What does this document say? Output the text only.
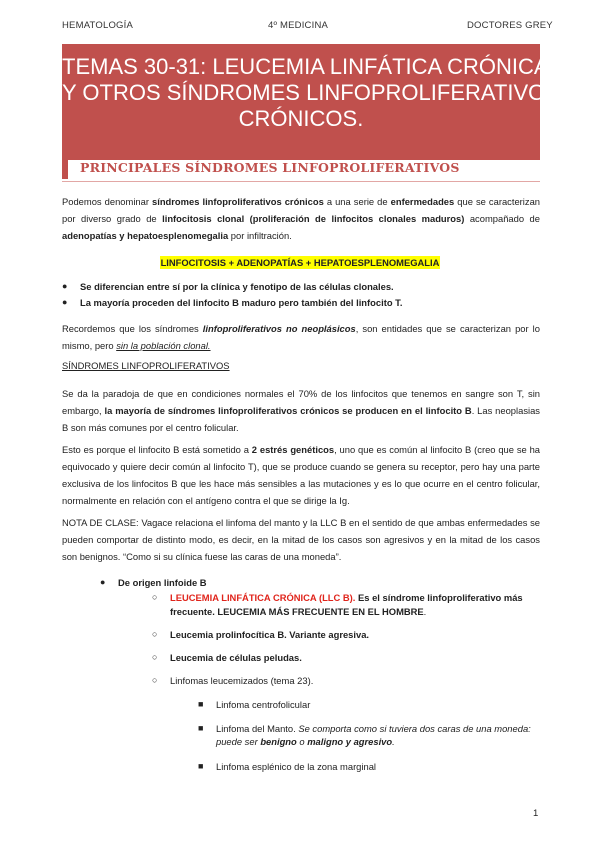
HEMATOLOGÍA	4º MEDICINA	DOCTORES GREY
TEMAS 30-31: LEUCEMIA LINFÁTICA CRÓNICA
Y OTROS SÍNDROMES LINFOPROLIFERATIVOS
CRÓNICOS.
PRINCIPALES SÍNDROMES LINFOPROLIFERATIVOS
Podemos denominar síndromes linfoproliferativos crónicos a una serie de enfermedades que se caracterizan por diverso grado de linfocitosis clonal (proliferación de linfocitos clonales maduros) acompañado de adenopatías y hepatoesplenomegalia por infiltración.
LINFOCITOSIS + ADENOPATÍAS + HEPATOESPLENOMEGALIA
● Se diferencian entre sí por la clínica y fenotipo de las células clonales.
● La mayoría proceden del linfocito B maduro pero también del linfocito T.
Recordemos que los síndromes linfoproliferativos no neoplásicos, son entidades que se caracterizan por lo mismo, pero sin la población clonal.
SÍNDROMES LINFOPROLIFERATIVOS
Se da la paradoja de que en condiciones normales el 70% de los linfocitos que tenemos en sangre son T, sin embargo, la mayoría de síndromes linfoproliferativos crónicos se producen en el linfocito B. Las neoplasias B son más comunes por el centro folicular.
Esto es porque el linfocito B está sometido a 2 estrés genéticos, uno que es común al linfocito B (creo que se ha equivocado y quiere decir común al linfocito T), que se produce cuando se genera su receptor, pero hay una parte exclusiva de los linfocitos B que les hace más sensibles a las mutaciones y es lo que ocurre en el centro folicular, normalmente en relación con el antígeno contra el que se dirige la Ig.
NOTA DE CLASE: Vagace relaciona el linfoma del manto y la LLC B en el sentido de que ambas enfermedades se pueden comportar de distinto modo, es decir, en la mitad de los casos son agresivos y en la mitad de los casos son benignos. “Como si su clínica fuese las caras de una moneda”.
● De origen linfoide B
○ LEUCEMIA LINFÁTICA CRÓNICA (LLC B). Es el síndrome linfoproliferativo más
frecuente. LEUCEMIA MÁS FRECUENTE EN EL HOMBRE.
○ Leucemia prolinfocítica B. Variante agresiva.
○ Leucemia de células peludas.
○ Linfomas leucemizados (tema 23).
■ Linfoma centrofolicular
■ Linfoma del Manto. Se comporta como si tuviera dos caras de una moneda:
puede ser benigno o maligno y agresivo.
■ Linfoma esplénico de la zona marginal
1
